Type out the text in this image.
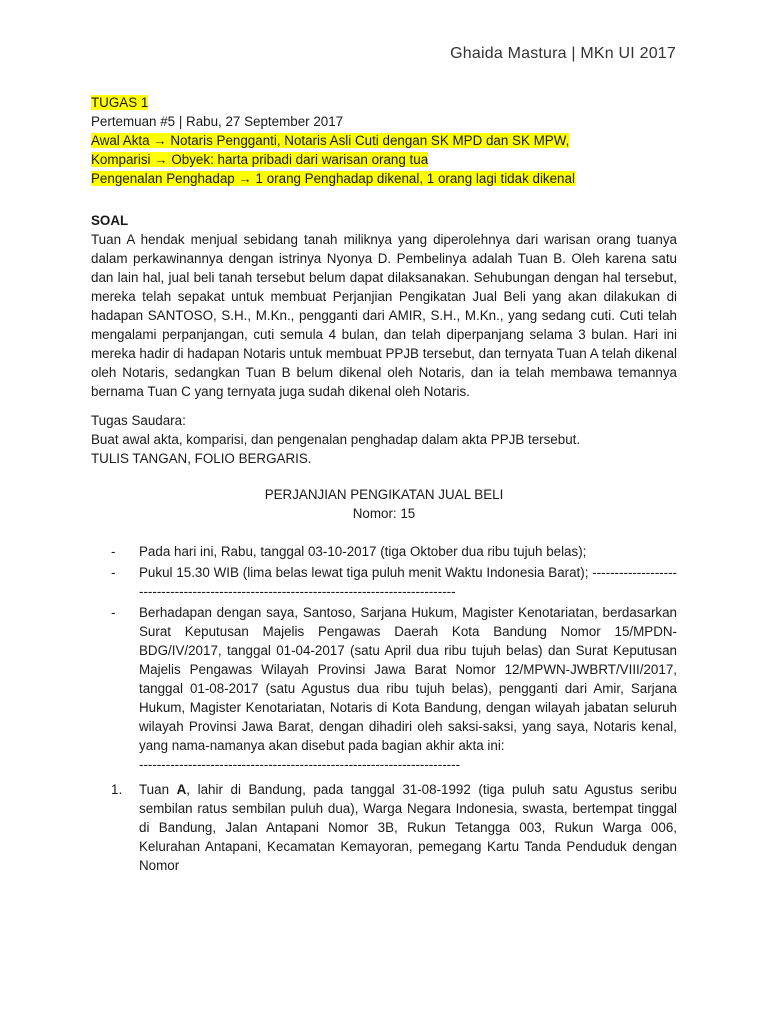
Ghaida Mastura | MKn UI 2017
TUGAS 1
Pertemuan #5 | Rabu, 27 September 2017
Awal Akta → Notaris Pengganti, Notaris Asli Cuti dengan SK MPD dan SK MPW,
Komparisi → Obyek: harta pribadi dari warisan orang tua
Pengenalan Penghadap → 1 orang Penghadap dikenal, 1 orang lagi tidak dikenal
SOAL

Tuan A hendak menjual sebidang tanah miliknya yang diperolehnya dari warisan orang tuanya dalam perkawinannya dengan istrinya Nyonya D. Pembelinya adalah Tuan B. Oleh karena satu dan lain hal, jual beli tanah tersebut belum dapat dilaksanakan. Sehubungan dengan hal tersebut, mereka telah sepakat untuk membuat Perjanjian Pengikatan Jual Beli yang akan dilakukan di hadapan SANTOSO, S.H., M.Kn., pengganti dari AMIR, S.H., M.Kn., yang sedang cuti. Cuti telah mengalami perpanjangan, cuti semula 4 bulan, dan telah diperpanjang selama 3 bulan. Hari ini mereka hadir di hadapan Notaris untuk membuat PPJB tersebut, dan ternyata Tuan A telah dikenal oleh Notaris, sedangkan Tuan B belum dikenal oleh Notaris, dan ia telah membawa temannya bernama Tuan C yang ternyata juga sudah dikenal oleh Notaris.

Tugas Saudara:
Buat awal akta, komparisi, dan pengenalan penghadap dalam akta PPJB tersebut.
TULIS TANGAN, FOLIO BERGARIS.
PERJANJIAN PENGIKATAN JUAL BELI
Nomor: 15
- Pada hari ini, Rabu, tanggal 03-10-2017 (tiga Oktober dua ribu tujuh belas);
- Pukul 15.30 WIB (lima belas lewat tiga puluh menit Waktu Indonesia Barat); ------------------------------------------------------------------------------------------
- Berhadapan dengan saya, Santoso, Sarjana Hukum, Magister Kenotariatan, berdasarkan Surat Keputusan Majelis Pengawas Daerah Kota Bandung Nomor 15/MPDN-BDG/IV/2017, tanggal 01-04-2017 (satu April dua ribu tujuh belas) dan Surat Keputusan Majelis Pengawas Wilayah Provinsi Jawa Barat Nomor 12/MPWN-JWBRT/VIII/2017, tanggal 01-08-2017 (satu Agustus dua ribu tujuh belas), pengganti dari Amir, Sarjana Hukum, Magister Kenotariatan, Notaris di Kota Bandung, dengan wilayah jabatan seluruh wilayah Provinsi Jawa Barat, dengan dihadiri oleh saksi-saksi, yang saya, Notaris kenal, yang nama-namanya akan disebut pada bagian akhir akta ini:
------------------------------------------------------------------------
1. Tuan A, lahir di Bandung, pada tanggal 31-08-1992 (tiga puluh satu Agustus seribu sembilan ratus sembilan puluh dua), Warga Negara Indonesia, swasta, bertempat tinggal di Bandung, Jalan Antapani Nomor 3B, Rukun Tetangga 003, Rukun Warga 006, Kelurahan Antapani, Kecamatan Kemayoran, pemegang Kartu Tanda Penduduk dengan Nomor
